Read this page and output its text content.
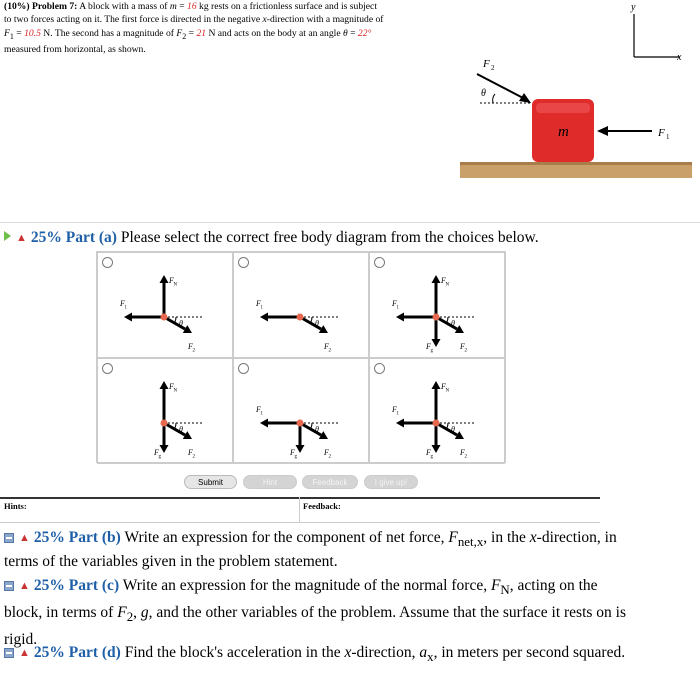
(10%) Problem 7: A block with a mass of m = 16 kg rests on a frictionless surface and is subject
to two forces acting on it. The first force is directed in the negative x-direction with a magnitude of
$F_1 = 10.5$ N. The second has a magnitude of $F_2 = 21$ N and acts on the body at an angle θ = 22°
measured from horizontal, as shown.
y
x
m
F 2
θ
F 1
▲ 25% Part (a) Please select the correct free body diagram from the choices below.
θ
F 2
F N
F 1
θ
F 2
F 1
θ
F 2
F N
F g
F 1
θ
F 2
F N
F g
θ
F 2
F g
F 1
θ
F 2
F N
F g
F 1
Submit	Hint	Feedback	I give up!
Hints:	Feedback:
▲ 25% Part (b) Write an expression for the component of net force, $F_{net,x}$, in the x-direction, in
terms of the variables given in the problem statement.
▲ 25% Part (c) Write an expression for the magnitude of the normal force, $F_N$, acting on the
block, in terms of $F_2$, g, and the other variables of the problem. Assume that the surface it rests on is
rigid.
▲ 25% Part (d) Find the block's acceleration in the x-direction, $a_x$, in meters per second squared.
